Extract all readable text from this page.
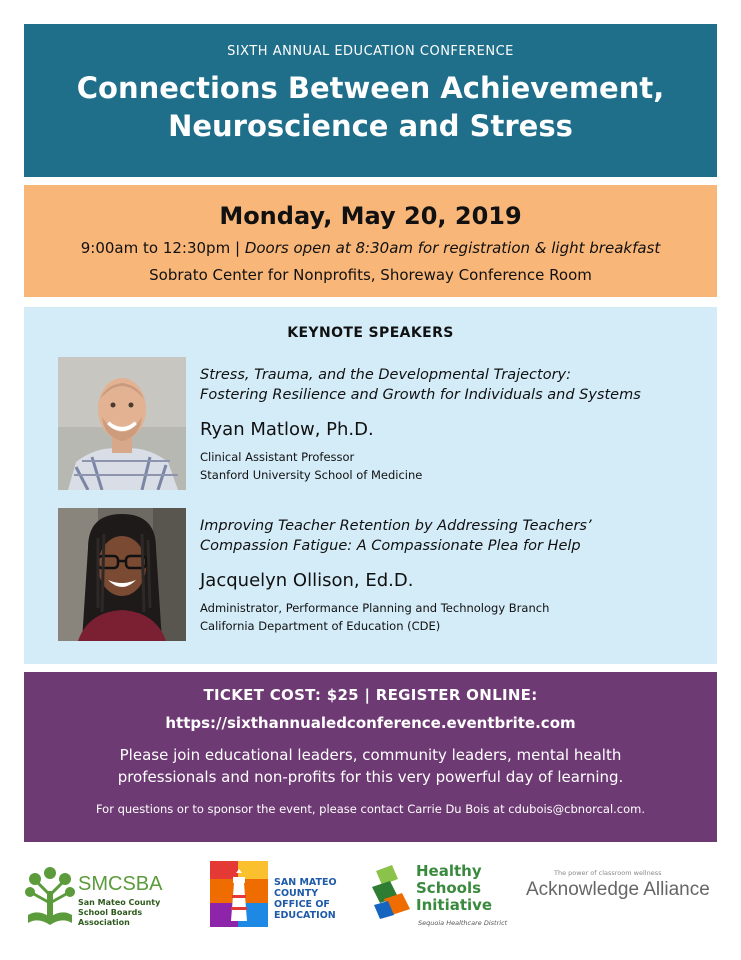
SIXTH ANNUAL EDUCATION CONFERENCE
Connections Between Achievement,
Neuroscience and Stress
Monday, May 20, 2019
9:00am to 12:30pm | Doors open at 8:30am for registration & light breakfast
Sobrato Center for Nonprofits, Shoreway Conference Room
KEYNOTE SPEAKERS
Stress, Trauma, and the Developmental Trajectory:
Fostering Resilience and Growth for Individuals and Systems
Ryan Matlow, Ph.D.
Clinical Assistant Professor
Stanford University School of Medicine
Improving Teacher Retention by Addressing Teachers’
Compassion Fatigue: A Compassionate Plea for Help
Jacquelyn Ollison, Ed.D.
Administrator, Performance Planning and Technology Branch
California Department of Education (CDE)
TICKET COST: $25 | REGISTER ONLINE:
https://sixthannualedconference.eventbrite.com
Please join educational leaders, community leaders, mental health
professionals and non-profits for this very powerful day of learning.
For questions or to sponsor the event, please contact Carrie Du Bois at cdubois@cbnorcal.com.
SMCSBA
San Mateo County
School Boards Association
SAN MATEO
COUNTY
OFFICE OF
EDUCATION
Healthy
Schools
Initiative
Sequoia Healthcare District
The power of classroom wellness
Acknowledge Alliance
